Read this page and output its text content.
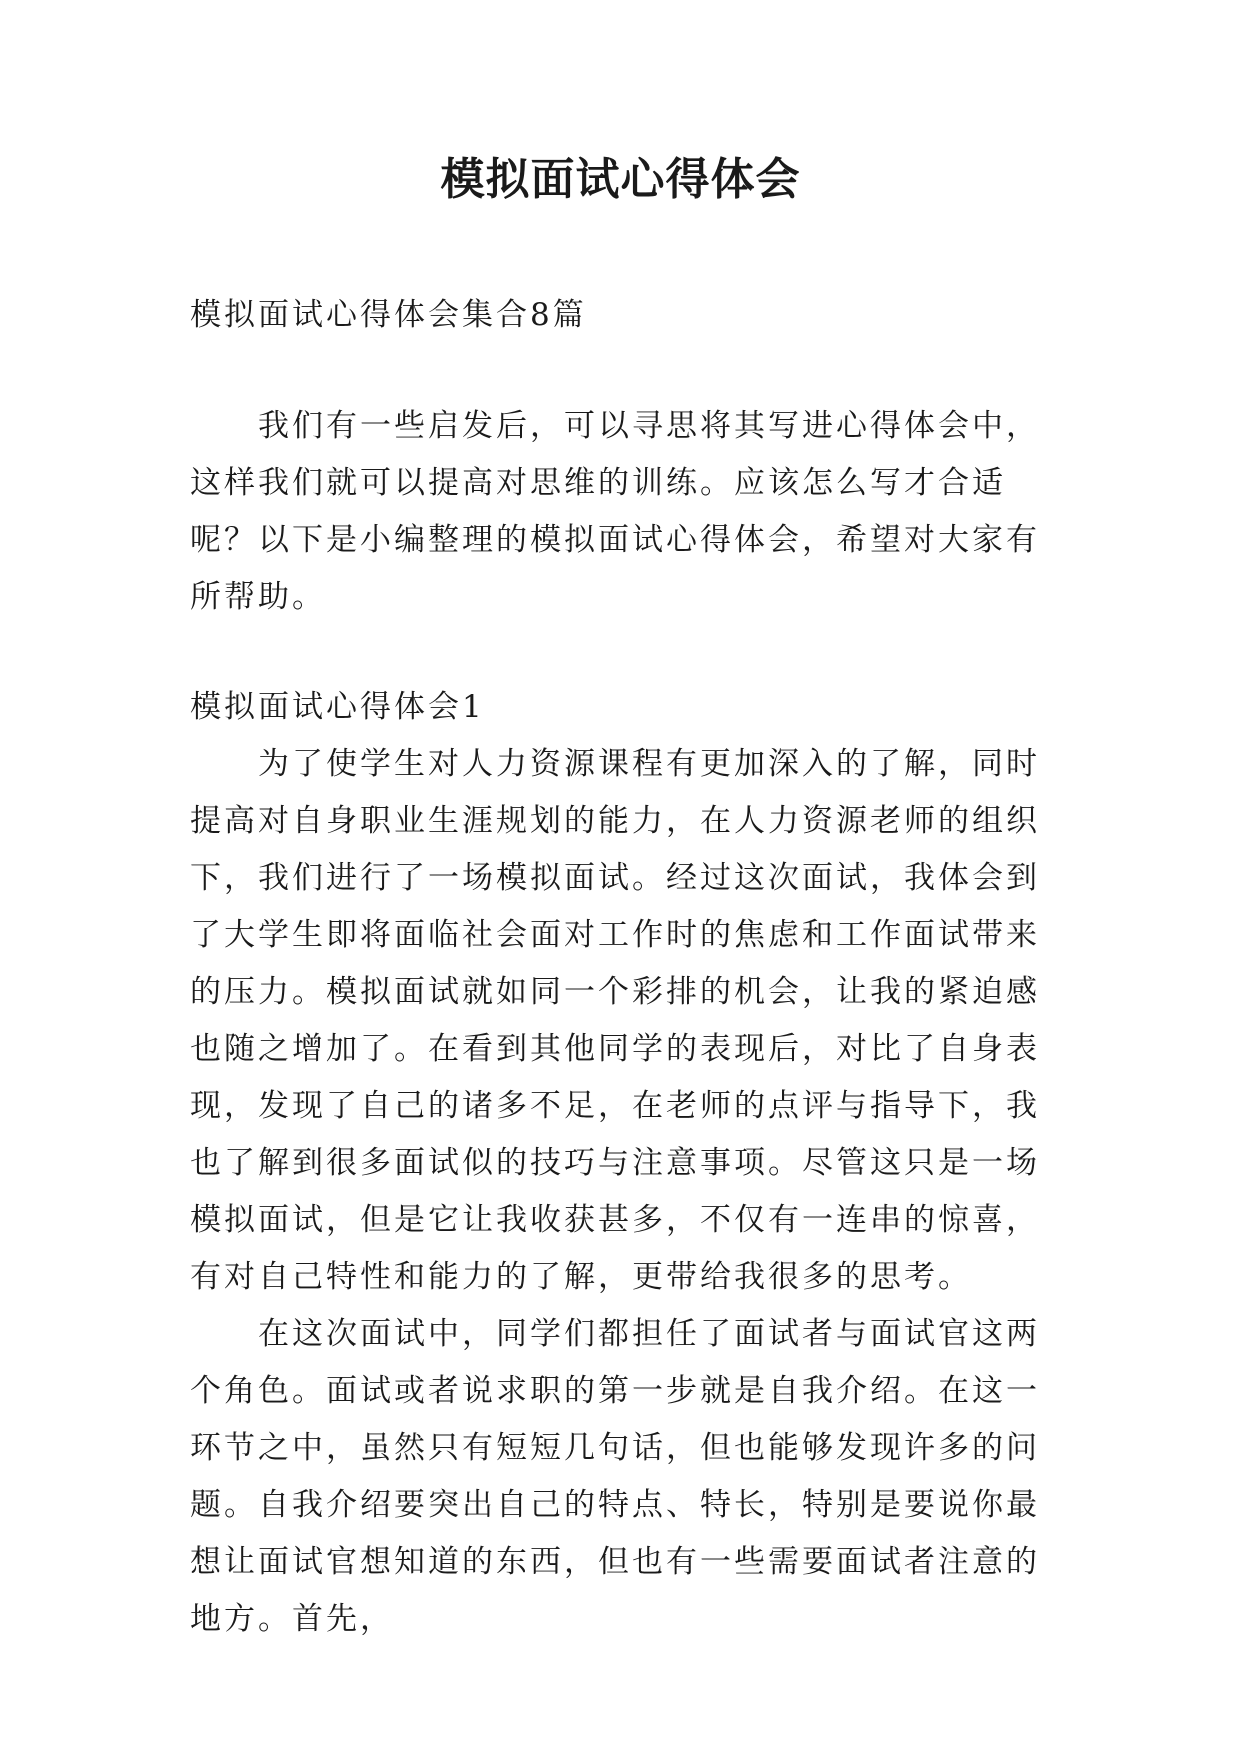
模拟面试心得体会

模拟面试心得体会集合8篇

我们有一些启发后，可以寻思将其写进心得体会中，这样我们就可以提高对思维的训练。应该怎么写才合适呢？以下是小编整理的模拟面试心得体会，希望对大家有所帮助。

模拟面试心得体会1

为了使学生对人力资源课程有更加深入的了解，同时提高对自身职业生涯规划的能力，在人力资源老师的组织下，我们进行了一场模拟面试。经过这次面试，我体会到了大学生即将面临社会面对工作时的焦虑和工作面试带来的压力。模拟面试就如同一个彩排的机会，让我的紧迫感也随之增加了。在看到其他同学的表现后，对比了自身表现，发现了自己的诸多不足，在老师的点评与指导下，我也了解到很多面试似的技巧与注意事项。尽管这只是一场模拟面试，但是它让我收获甚多，不仅有一连串的惊喜，有对自己特性和能力的了解，更带给我很多的思考。

在这次面试中，同学们都担任了面试者与面试官这两个角色。面试或者说求职的第一步就是自我介绍。在这一环节之中，虽然只有短短几句话，但也能够发现许多的问题。自我介绍要突出自己的特点、特长，特别是要说你最想让面试官想知道的东西，但也有一些需要面试者注意的地方。首先，
